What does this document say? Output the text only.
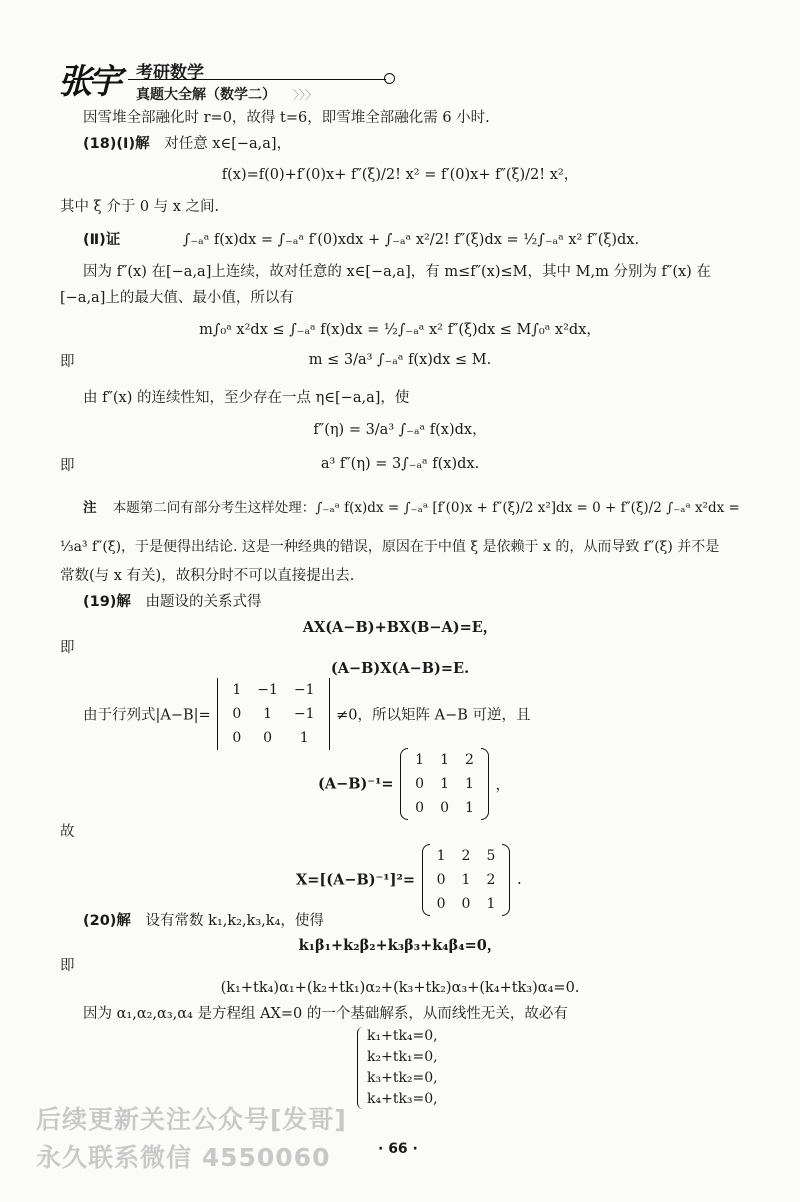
张宇 考研数学
真题大全解（数学二） 〉〉〉
因雪堆全部融化时 r=0，故得 t=6，即雪堆全部融化需 6 小时.
(18)(Ⅰ)解 对任意 x∈[−a,a]，
f(x)=f(0)+f′(0)x+ f″(ξ)/2! x² = f′(0)x+ f″(ξ)/2! x²，
其中 ξ 介于 0 与 x 之间.
(Ⅱ)证	∫₋ₐᵃ f(x)dx = ∫₋ₐᵃ f′(0)xdx + ∫₋ₐᵃ x²/2! f″(ξ)dx = ½∫₋ₐᵃ x² f″(ξ)dx.
因为 f″(x) 在[−a,a]上连续，故对任意的 x∈[−a,a]，有 m≤f″(x)≤M，其中 M,m 分别为 f″(x) 在
[−a,a]上的最大值、最小值，所以有
m∫₀ᵃ x²dx ≤ ∫₋ₐᵃ f(x)dx = ½∫₋ₐᵃ x² f″(ξ)dx ≤ M∫₀ᵃ x²dx，
即	m ≤ 3/a³ ∫₋ₐᵃ f(x)dx ≤ M.
由 f″(x) 的连续性知，至少存在一点 η∈[−a,a]，使
f″(η) = 3/a³ ∫₋ₐᵃ f(x)dx，
即	a³ f″(η) = 3∫₋ₐᵃ f(x)dx.
注 本题第二问有部分考生这样处理：∫₋ₐᵃ f(x)dx = ∫₋ₐᵃ [f′(0)x + f″(ξ)/2 x²]dx = 0 + f″(ξ)/2 ∫₋ₐᵃ x²dx =
⅓a³ f″(ξ)，于是便得出结论. 这是一种经典的错误，原因在于中值 ξ 是依赖于 x 的，从而导致 f″(ξ) 并不是
常数(与 x 有关)，故积分时不可以直接提出去.
(19)解 由题设的关系式得
AX(A−B)+BX(B−A)=E，
即
(A−B)X(A−B)=E.
由于行列式|A−B|=
1	−1	−1
0	1	−1
0	0	1
≠0，所以矩阵 A−B 可逆，且
(A−B)⁻¹=
1	1	2
0	1	1
0	0	1
，
故
X=[(A−B)⁻¹]²=
1	2	5
0	1	2
0	0	1
.
(20)解 设有常数 k₁,k₂,k₃,k₄，使得
k₁β₁+k₂β₂+k₃β₃+k₄β₄=0，
即
(k₁+tk₄)α₁+(k₂+tk₁)α₂+(k₃+tk₂)α₃+(k₄+tk₃)α₄=0.
因为 α₁,α₂,α₃,α₄ 是方程组 AX=0 的一个基础解系，从而线性无关，故必有
k₁+tk₄=0,
k₂+tk₁=0,
k₃+tk₂=0,
k₄+tk₃=0,
后续更新关注公众号[发哥]
永久联系微信 4550060	· 66 ·
